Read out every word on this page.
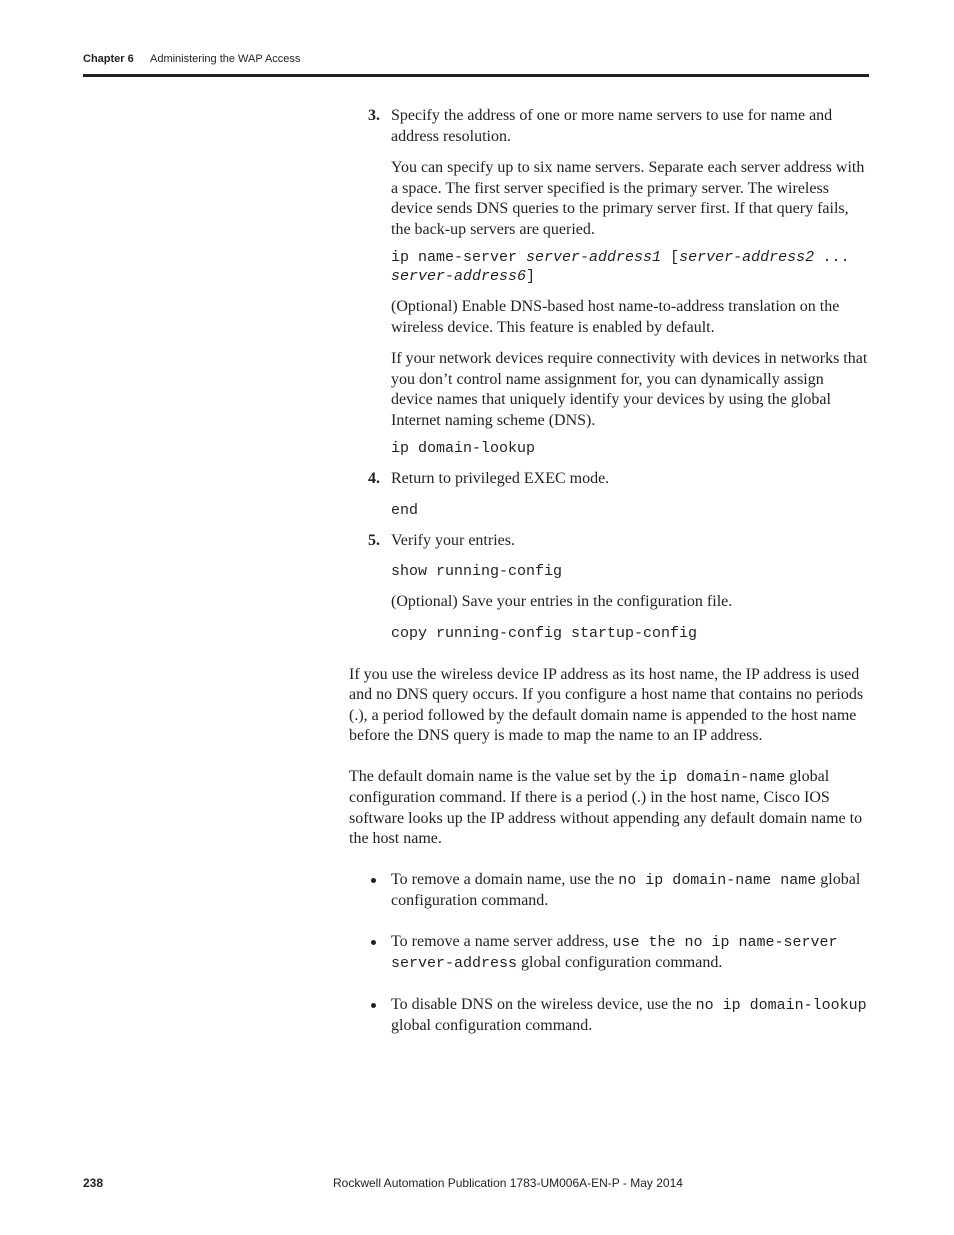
Chapter 6 Administering the WAP Access
3. Specify the address of one or more name servers to use for name and address resolution.

You can specify up to six name servers. Separate each server address with a space. The first server specified is the primary server. The wireless device sends DNS queries to the primary server first. If that query fails, the back-up servers are queried.

ip name-server server-address1 [server-address2 ... server-address6]

(Optional) Enable DNS-based host name-to-address translation on the wireless device. This feature is enabled by default.

If your network devices require connectivity with devices in networks that you don’t control name assignment for, you can dynamically assign device names that uniquely identify your devices by using the global Internet naming scheme (DNS).

ip domain-lookup
4. Return to privileged EXEC mode.

end
5. Verify your entries.

show running-config

(Optional) Save your entries in the configuration file.

copy running-config startup-config

If you use the wireless device IP address as its host name, the IP address is used and no DNS query occurs. If you configure a host name that contains no periods (.), a period followed by the default domain name is appended to the host name before the DNS query is made to map the name to an IP address.

The default domain name is the value set by the ip domain-name global configuration command. If there is a period (.) in the host name, Cisco IOS software looks up the IP address without appending any default domain name to the host name.

To remove a domain name, use the no ip domain-name name global configuration command.

To remove a name server address, use the no ip name-server server-address global configuration command.

To disable DNS on the wireless device, use the no ip domain-lookup global configuration command.

238	Rockwell Automation Publication 1783-UM006A-EN-P - May 2014
